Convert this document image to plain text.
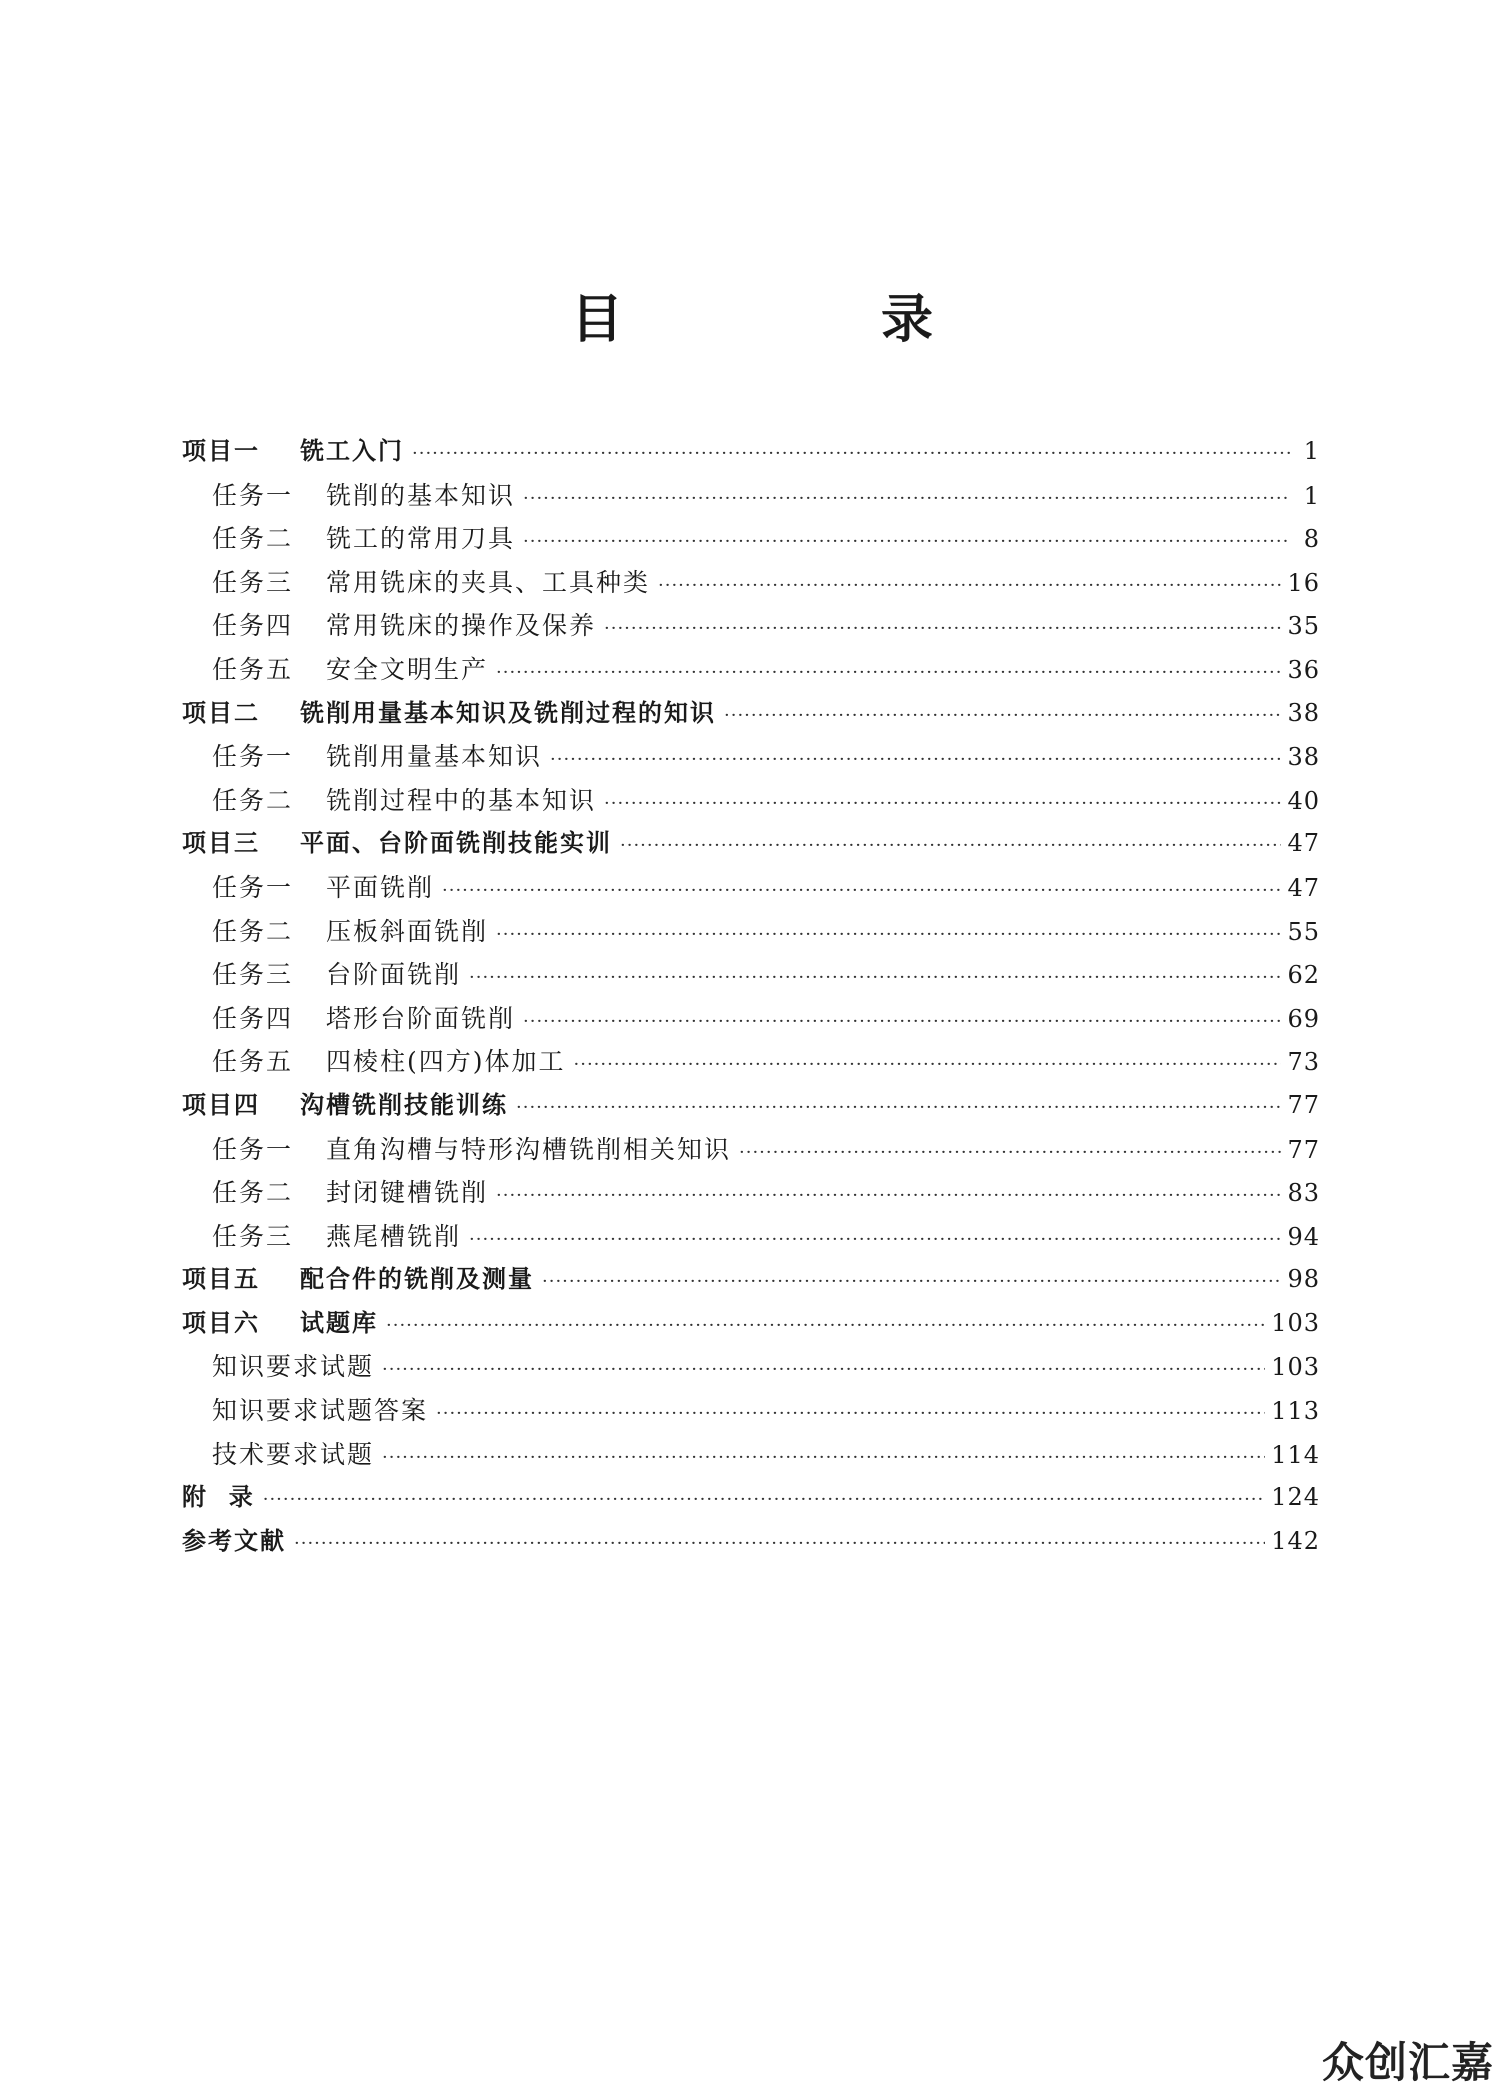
目 录
项目一	铣工入门 ·····	1
任务一	铣削的基本知识 ·····	1
任务二	铣工的常用刀具 ·····	8
任务三	常用铣床的夹具、工具种类 ·····	16
任务四	常用铣床的操作及保养 ·····	35
任务五	安全文明生产 ·····	36
项目二	铣削用量基本知识及铣削过程的知识 ·····	38
任务一	铣削用量基本知识 ·····	38
任务二	铣削过程中的基本知识 ·····	40
项目三	平面、台阶面铣削技能实训 ·····	47
任务一	平面铣削 ·····	47
任务二	压板斜面铣削 ·····	55
任务三	台阶面铣削 ·····	62
任务四	塔形台阶面铣削 ·····	69
任务五	四棱柱(四方)体加工 ·····	73
项目四	沟槽铣削技能训练 ·····	77
任务一	直角沟槽与特形沟槽铣削相关知识 ·····	77
任务二	封闭键槽铣削 ·····	83
任务三	燕尾槽铣削 ·····	94
项目五	配合件的铣削及测量 ·····	98
项目六	试题库 ·····	103
知识要求试题 ·····	103
知识要求试题答案 ·····	113
技术要求试题 ·····	114
附  录 ·····	124
参考文献 ·····	142
众创汇嘉
